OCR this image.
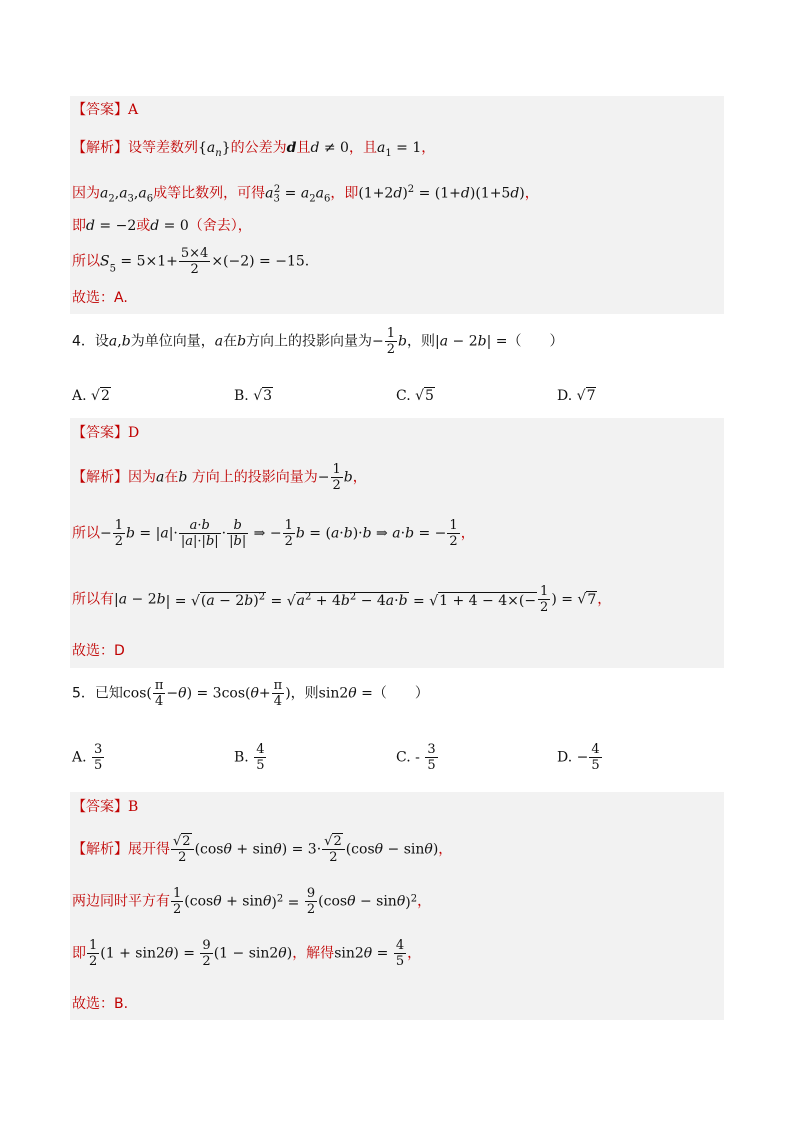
【答案】A
【解析】设等差数列$\{a_n\}$的公差为d且d ≠ 0，且$a_1 = 1$，
因为$a_2,a_3,a_6$成等比数列，可得$a_3^2 = a_2a_6$，即$(1+2d)^2 = (1+d)(1+5d)$，
即d = −2或d = 0（舍去），
所以$S_5 = 5\times 1+ \frac{5\times 4}{2} \times(-2) = -15$.
故选：A.
4．设a,b为单位向量，a在b方向上的投影向量为− $\frac{1}{2}$ b，则|a − 2b| =（　　）
A. √2	B. √3	C. √5	D. √7
【答案】D
【解析】因为a在b 方向上的投影向量为− $\frac{1}{2}$ b，
所以− $\frac{1}{2}$ $b = |a|\cdot \frac{a\cdot b}{|a|\cdot|b|} \cdot \frac{b}{|b|}$ ⇒ − $\frac{1}{2}$ b = (a·b)·b ⇒ a·b = − $\frac{1}{2}$ ，
所以有$|a - 2b| = √(a - 2b)^2 = √a^2 + 4b^2 - 4a\cdot b = √1 + 4 - 4\times(- \frac{1}{2}$ ) = √7，
故选：D
5．已知$\cos( \frac{\pi}{4} -\theta) = 3\cos(\theta+ \frac{\pi}{4}$ )，则sin2θ =（　　）
A. $\frac{3}{5}$	B. $\frac{4}{5}$	C. - $\frac{3}{5}$	D. − $\frac{4}{5}$
【答案】B
【解析】展开得 $\frac{√2}{2} (\cos\theta + \sin\theta) = 3\cdot \frac{√2}{2} (\cos\theta - \sin\theta)$，
两边同时平方有 $\frac{1}{2} (\cos\theta + \sin\theta)^2 = \frac{9}{2} (\cos\theta - \sin\theta)^2$，
即 $\frac{1}{2} (1 + \sin 2\theta) = \frac{9}{2} (1 - \sin 2\theta)$，解得$\sin 2\theta = \frac{4}{5}$ ，
故选：B.
